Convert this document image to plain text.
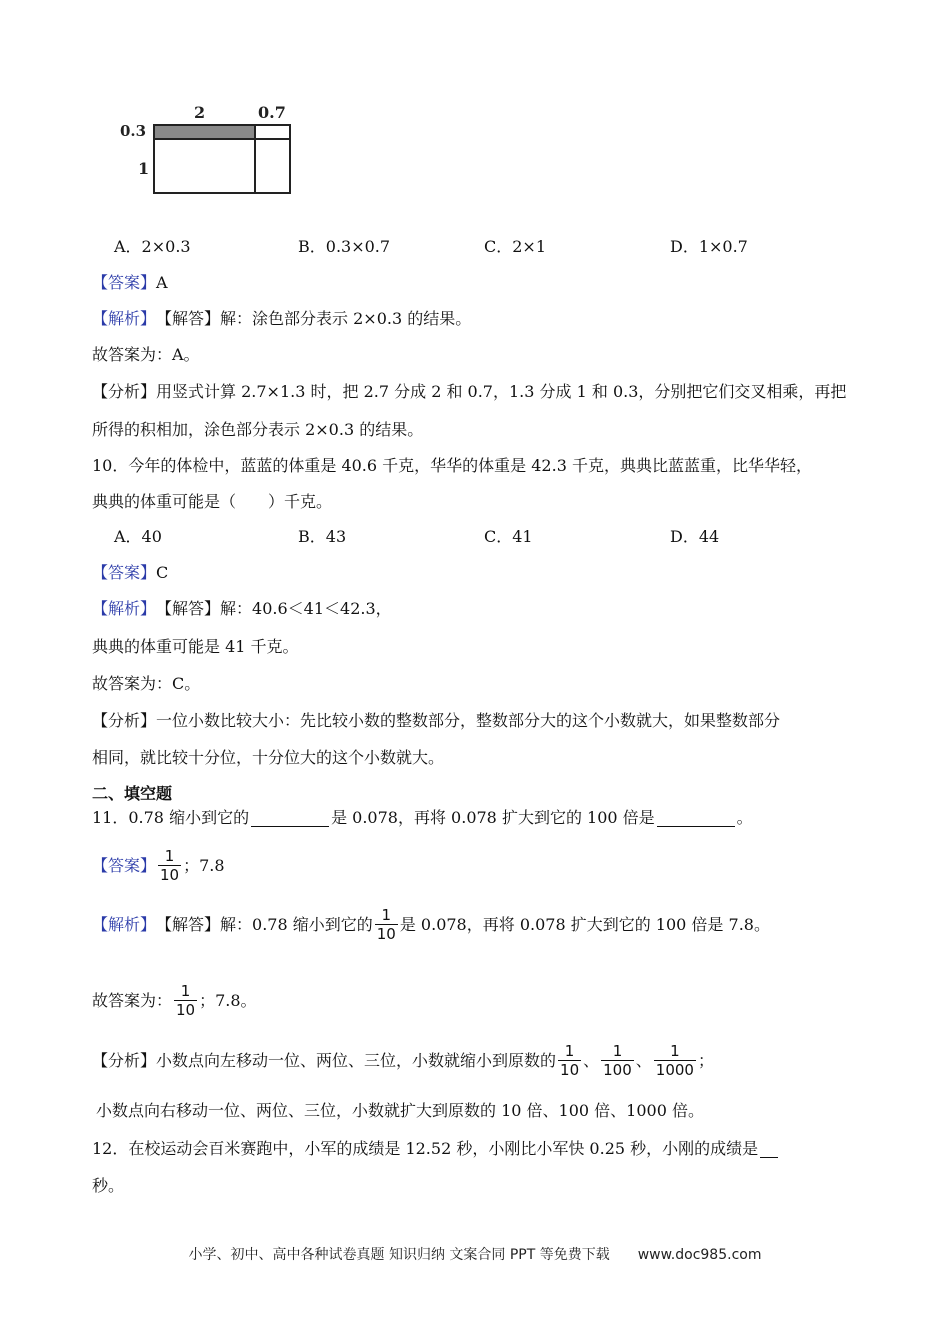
2	0.7
0.3
1
A．2×0.3	B．0.3×0.7	C．2×1	D．1×0.7
【答案】 A
【解析】 【解答】 解：涂色部分表示 2×0.3 的结果。
故答案为：A。
【分析】 用竖式计算 2.7×1.3 时，把 2.7 分成 2 和 0.7，1.3 分成 1 和 0.3，分别把它们交叉相乘，再把
所得的积相加，涂色部分表示 2×0.3 的结果。
10．今年的体检中，蓝蓝的体重是 40.6 千克，华华的体重是 42.3 千克，典典比蓝蓝重，比华华轻，
典典的体重可能是（　　）千克。
A．40	B．43	C．41	D．44
【答案】 C
【解析】 【解答】 解：40.6＜41＜42.3，
典典的体重可能是 41 千克。
故答案为：C。
【分析】 一位小数比较大小：先比较小数的整数部分，整数部分大的这个小数就大，如果整数部分
相同，就比较十分位，十分位大的这个小数就大。
二、填空题
11．0.78 缩小到它的	是 0.078，再将 0.078 扩大到它的 100 倍是	。
【答案】 $\frac{1}{10}$ ；7.8
【解析】 【解答】 解：0.78 缩小到它的 $\frac{1}{10}$ 是 0.078，再将 0.078 扩大到它的 100 倍是 7.8。
故答案为： $\frac{1}{10}$ ；7.8。
【分析】 小数点向左移动一位、两位、三位，小数就缩小到原数的 $\frac{1}{10}$ 、 $\frac{1}{100}$ 、 $\frac{1}{1000}$ ；
小数点向右移动一位、两位、三位，小数就扩大到原数的 10 倍、100 倍、1000 倍。
12．在校运动会百米赛跑中，小军的成绩是 12.52 秒，小刚比小军快 0.25 秒，小刚的成绩是
秒。
小学、初中、高中各种试卷真题 知识归纳 文案合同 PPT 等免费下载　　www.doc985.com
